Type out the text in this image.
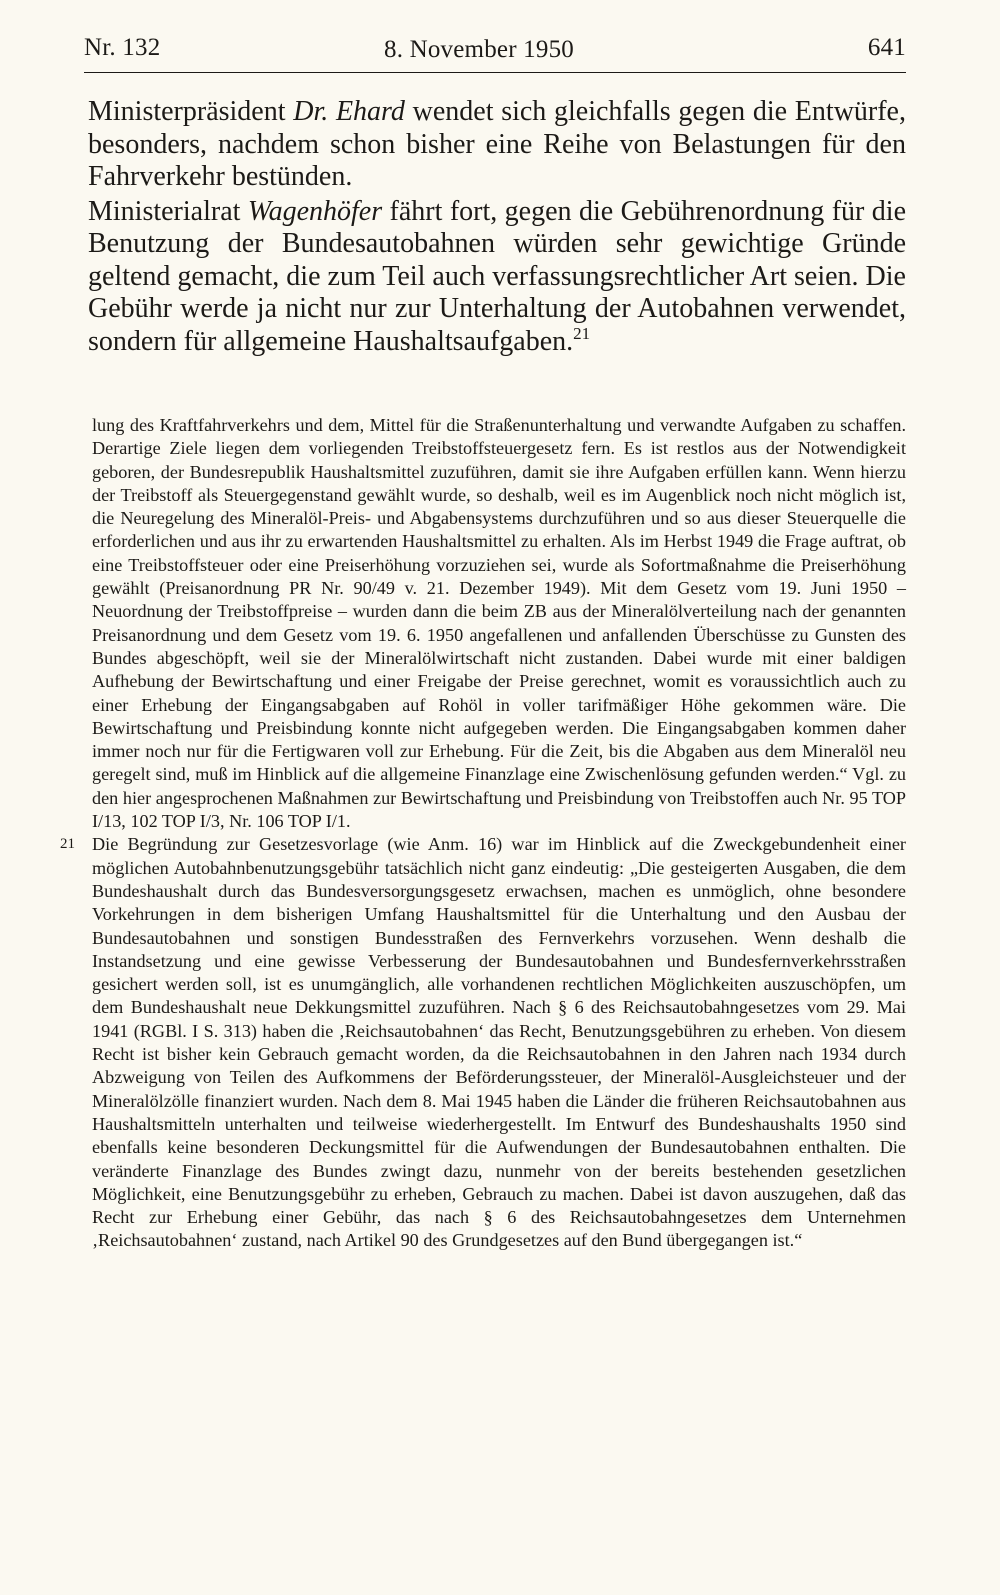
Nr. 132	8. November 1950	641

Ministerpräsident Dr. Ehard wendet sich gleichfalls gegen die Entwürfe, besonders, nachdem schon bisher eine Reihe von Belastungen für den Fahrverkehr bestünden.

Ministerialrat Wagenhöfer fährt fort, gegen die Gebührenordnung für die Benutzung der Bundesautobahnen würden sehr gewichtige Gründe geltend gemacht, die zum Teil auch verfassungsrechtlicher Art seien. Die Gebühr werde ja nicht nur zur Unterhaltung der Autobahnen verwendet, sondern für allgemeine Haushaltsaufgaben.$^{21}$

lung des Kraftfahrverkehrs und dem, Mittel für die Straßenunterhaltung und verwandte Aufgaben zu schaffen. Derartige Ziele liegen dem vorliegenden Treibstoffsteuergesetz fern. Es ist restlos aus der Notwendigkeit geboren, der Bundesrepublik Haushaltsmittel zuzuführen, damit sie ihre Aufgaben erfüllen kann. Wenn hierzu der Treibstoff als Steuergegenstand gewählt wurde, so deshalb, weil es im Augenblick noch nicht möglich ist, die Neuregelung des Mineralöl-Preis- und Abgabensystems durchzuführen und so aus dieser Steuerquelle die erforderlichen und aus ihr zu erwartenden Haushaltsmittel zu erhalten. Als im Herbst 1949 die Frage auftrat, ob eine Treibstoffsteuer oder eine Preiserhöhung vorzuziehen sei, wurde als Sofortmaßnahme die Preiserhöhung gewählt (Preisanordnung PR Nr. 90/49 v. 21. Dezember 1949). Mit dem Gesetz vom 19. Juni 1950 – Neuordnung der Treibstoffpreise – wurden dann die beim ZB aus der Mineralölverteilung nach der genannten Preisanordnung und dem Gesetz vom 19. 6. 1950 angefallenen und anfallenden Überschüsse zu Gunsten des Bundes abgeschöpft, weil sie der Mineralölwirtschaft nicht zustanden. Dabei wurde mit einer baldigen Aufhebung der Bewirtschaftung und einer Freigabe der Preise gerechnet, womit es voraussichtlich auch zu einer Erhebung der Eingangsabgaben auf Rohöl in voller tarifmäßiger Höhe gekommen wäre. Die Bewirtschaftung und Preisbindung konnte nicht aufgegeben werden. Die Eingangsabgaben kommen daher immer noch nur für die Fertigwaren voll zur Erhebung. Für die Zeit, bis die Abgaben aus dem Mineralöl neu geregelt sind, muß im Hinblick auf die allgemeine Finanzlage eine Zwischenlösung gefunden werden.“ Vgl. zu den hier angesprochenen Maßnahmen zur Bewirtschaftung und Preisbindung von Treibstoffen auch Nr. 95 TOP I/13, 102 TOP I/3, Nr. 106 TOP I/1.

21 Die Begründung zur Gesetzesvorlage (wie Anm. 16) war im Hinblick auf die Zweckgebundenheit einer möglichen Autobahnbenutzungsgebühr tatsächlich nicht ganz eindeutig: „Die gesteigerten Ausgaben, die dem Bundeshaushalt durch das Bundesversorgungsgesetz erwachsen, machen es unmöglich, ohne besondere Vorkehrungen in dem bisherigen Umfang Haushaltsmittel für die Unterhaltung und den Ausbau der Bundesautobahnen und sonstigen Bundesstraßen des Fernverkehrs vorzusehen. Wenn deshalb die Instandsetzung und eine gewisse Verbesserung der Bundesautobahnen und Bundesfernverkehrsstraßen gesichert werden soll, ist es unumgänglich, alle vorhandenen rechtlichen Möglichkeiten auszuschöpfen, um dem Bundeshaushalt neue Dekkungsmittel zuzuführen. Nach § 6 des Reichsautobahngesetzes vom 29. Mai 1941 (RGBl. I S. 313) haben die ‚Reichsautobahnen‘ das Recht, Benutzungsgebühren zu erheben. Von diesem Recht ist bisher kein Gebrauch gemacht worden, da die Reichsautobahnen in den Jahren nach 1934 durch Abzweigung von Teilen des Aufkommens der Beförderungssteuer, der Mineralöl-Ausgleichsteuer und der Mineralölzölle finanziert wurden. Nach dem 8. Mai 1945 haben die Länder die früheren Reichsautobahnen aus Haushaltsmitteln unterhalten und teilweise wiederhergestellt. Im Entwurf des Bundeshaushalts 1950 sind ebenfalls keine besonderen Deckungsmittel für die Aufwendungen der Bundesautobahnen enthalten. Die veränderte Finanzlage des Bundes zwingt dazu, nunmehr von der bereits bestehenden gesetzlichen Möglichkeit, eine Benutzungsgebühr zu erheben, Gebrauch zu machen. Dabei ist davon auszugehen, daß das Recht zur Erhebung einer Gebühr, das nach § 6 des Reichsautobahngesetzes dem Unternehmen ‚Reichsautobahnen‘ zustand, nach Artikel 90 des Grundgesetzes auf den Bund übergegangen ist.“
